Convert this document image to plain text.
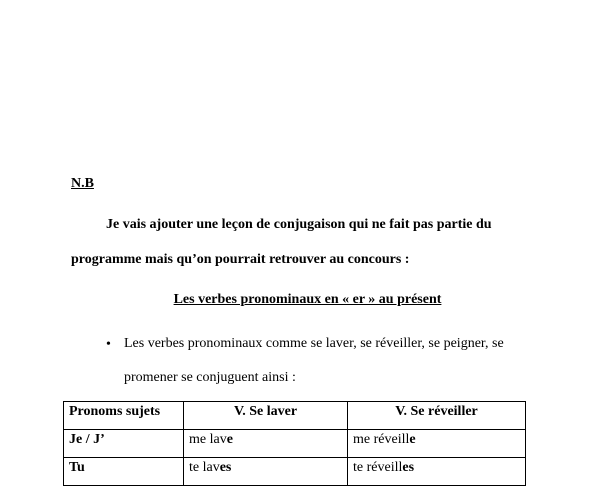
N.B
Je vais ajouter une leçon de conjugaison qui ne fait pas partie du
programme mais qu’on pourrait retrouver au concours :
Les verbes pronominaux en « er » au présent
• Les verbes pronominaux comme se laver, se réveiller, se peigner, se
promener se conjuguent ainsi :
Pronoms sujets	V. Se laver	V. Se réveiller
Je / J’	me lave	me réveille
Tu	te laves	te réveilles
